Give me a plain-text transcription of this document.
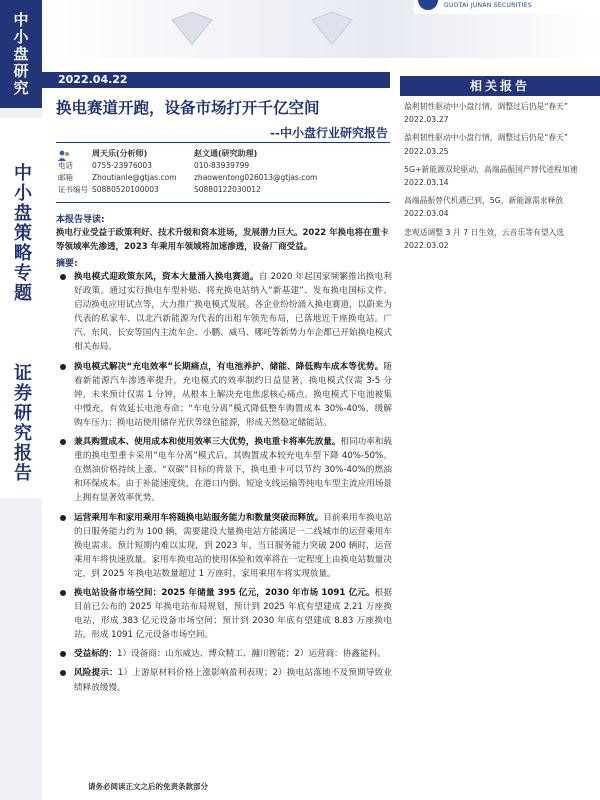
中小盘研究
中小盘策略专题
证券研究报告
GUOTAI JUNAN SECURITIES
2022.04.22
换电赛道开跑，设备市场打开千亿空间
--中小盘行业研究报告
电话
邮箱
证书编号
周天乐(分析师)
0755-23976003
Zhoutianle@gtjas.com
S0880520100003
赵文通(研究助理)
010-83939799
zhaowentong026013@gtjas.com
S0880122030012
本报告导读:
换电行业受益于政策利好、技术升级和资本进场，发展潜力巨大。2022 年换电将在重卡等领域率先渗透，2023 年乘用车领域将加速渗透，设备厂商受益。
摘要:
换电模式迎政策东风，资本大量涌入换电赛道。自 2020 年起国家频繁推出换电利好政策。通过实行换电车型补贴、将充换电站纳入“新基建”、发布换电国标文件、启动换电应用试点等，大力推广换电模式发展。各企业纷纷涌入换电赛道，以蔚来为代表的私家车、以北汽新能源为代表的出租车领先布局，已落地近千座换电站。广汽、东风、长安等国内主流车企、小鹏、威马、哪吒等新势力车企都已开始换电模式相关布局。
换电模式解决“充电效率”长期痛点，有电池养护、储能、降低购车成本等优势。随着新能源汽车渗透率提升，充电模式的效率制约日益显著，换电模式仅需 3-5 分钟，未来预计仅需 1 分钟，从根本上解决充电焦虑核心痛点。换电模式下电池被集中慢充，有效延长电池寿命；“车电分离”模式降低整车购置成本 30%-40%，缓解购车压力；换电站使用储存光伏等绿色能源，形成天然稳定储能站。
兼具购置成本、使用成本和使用效率三大优势，换电重卡将率先放量。相同功率和载重的换电型重卡采用“电车分离”模式后，其购置成本较充电车型下降 40%-50%。在燃油价格持续上涨、“双碳”目标的背景下，换电重卡可以节约 30%-40%的燃油和环保成本。由于补能速度快，在港口内倒、短途支线运输等纯电车型主流应用场景上拥有显著效率优势。
运营乘用车和家用乘用车将随换电站服务能力和数量突破而释放。目前乘用车换电站的日服务能力约为 100 辆，需要建设大量换电站方能满足一二线城市的运营乘用车换电需求。预计短期内难以实现，到 2023 年，当日服务能力突破 200 辆时，运营乘用车将快速放量。家用车换电站的使用体验和效率将在一定程度上由换电站数量决定，到 2025 年换电站数量超过 1 万座时，家用乘用车将实现放量。
换电站设备市场空间：2025 年储量 395 亿元，2030 年市场 1091 亿元。根据目前已公布的 2025 年换电站布局规划，预计到 2025 年底有望建成 2.21 万座换电站，形成 383 亿元设备市场空间；预计到 2030 年底有望建成 8.83 万座换电站，形成 1091 亿元设备市场空间。
受益标的：1）设备商：山东威达、博众精工、瀚川智能；2）运营商：协鑫能科。
风险提示：1）上游原材料价格上涨影响盈利表现；2）换电站落地不及预期导致业绩释放缓慢。
相关报告
盈利韧性驱动中小盘行情，调整过后仍是“春天” 2022.03.27
盈利韧性驱动中小盘行情，调整过后仍是“春天” 2022.03.25
5G+新能源双轮驱动，高端晶振国产替代进程加速 2022.03.14
高端晶振替代机遇已到，5G、新能源需求释放 2022.03.04
悲观适调整 3 月 7 日生效，云音乐等有望入选 2022.03.02
请务必阅读正文之后的免责条款部分
